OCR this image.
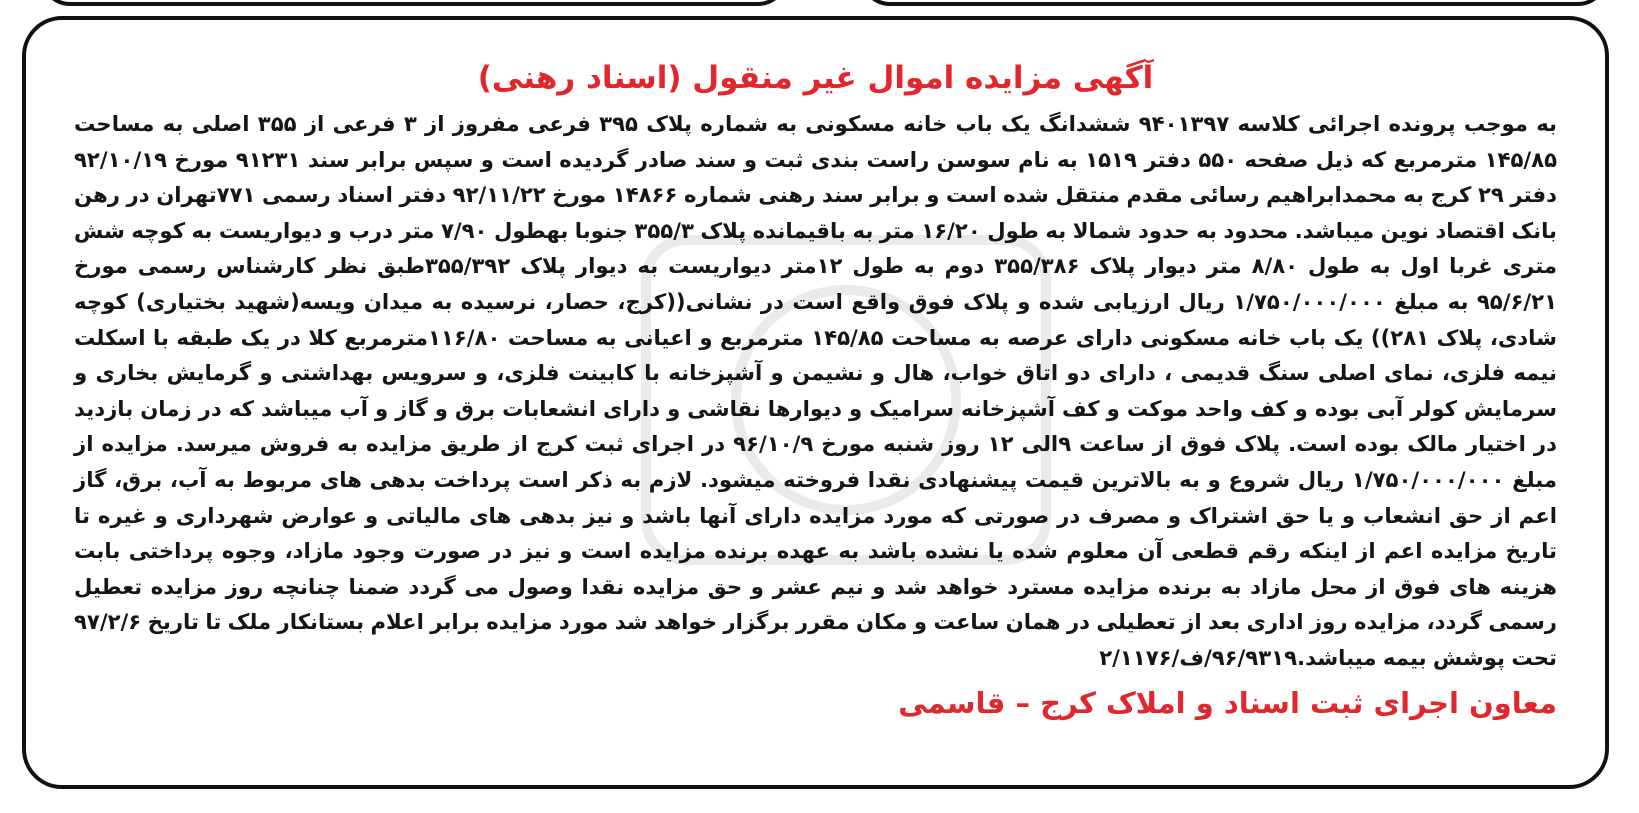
آگهی مزایده اموال غیر منقول (اسناد رهنی)

به موجب پرونده اجرائی کلاسه ۹۴۰۱۳۹۷ ششدانگ یک باب خانه مسکونی به شماره پلاک ۳۹۵ فرعی مفروز از ۳ فرعی از ۳۵۵ اصلی به مساحت ۱۴۵/۸۵ مترمربع که ذیل صفحه ۵۵۰ دفتر ۱۵۱۹ به نام سوسن راست بندی ثبت و سند صادر گردیده است و سپس برابر سند ۹۱۲۳۱ مورخ ۹۲/۱۰/۱۹ دفتر ۲۹ کرج به محمدابراهیم رسائی مقدم منتقل شده است و برابر سند رهنی شماره ۱۴۸۶۶ مورخ ۹۲/۱۱/۲۲ دفتر اسناد رسمی ۷۷۱تهران در رهن بانک اقتصاد نوین میباشد. محدود به حدود شمالا به طول ۱۶/۲۰ متر به باقیمانده پلاک ۳۵۵/۳ جنوبا بهطول ۷/۹۰ متر درب و دیواریست به کوچه شش متری غربا اول به طول ۸/۸۰ متر دیوار پلاک ۳۵۵/۳۸۶ دوم به طول ۱۲متر دیواریست به دیوار پلاک ۳۵۵/۳۹۲طبق نظر کارشناس رسمی مورخ ۹۵/۶/۲۱ به مبلغ ۱/۷۵۰/۰۰۰/۰۰۰ ریال ارزیابی شده و پلاک فوق واقع است در نشانی((کرج، حصار، نرسیده به میدان ویسه(شهید بختیاری) کوچه شادی، پلاک ۲۸۱)) یک باب خانه مسکونی دارای عرصه به مساحت ۱۴۵/۸۵ مترمربع و اعیانی به مساحت ۱۱۶/۸۰مترمربع کلا در یک طبقه با اسکلت نیمه فلزی، نمای اصلی سنگ قدیمی ، دارای دو اتاق خواب، هال و نشیمن و آشپزخانه با کابینت فلزی، و سرویس بهداشتی و گرمایش بخاری و سرمایش کولر آبی بوده و کف واحد موکت و کف آشپزخانه سرامیک و دیوارها نقاشی و دارای انشعابات برق و گاز و آب میباشد که در زمان بازدید در اختیار مالک بوده است. پلاک فوق از ساعت ۹الی ۱۲ روز شنبه مورخ ۹۶/۱۰/۹ در اجرای ثبت کرج از طریق مزایده به فروش میرسد. مزایده از مبلغ ۱/۷۵۰/۰۰۰/۰۰۰ ریال شروع و به بالاترین قیمت پیشنهادی نقدا فروخته میشود. لازم به ذکر است پرداخت بدهی های مربوط به آب، برق، گاز اعم از حق انشعاب و یا حق اشتراک و مصرف در صورتی که مورد مزایده دارای آنها باشد و نیز بدهی های مالیاتی و عوارض شهرداری و غیره تا تاریخ مزایده اعم از اینکه رقم قطعی آن معلوم شده یا نشده باشد به عهده برنده مزایده است و نیز در صورت وجود مازاد، وجوه پرداختی بابت هزینه های فوق از محل مازاد به برنده مزایده مسترد خواهد شد و نیم عشر و حق مزایده نقدا وصول می گردد ضمنا چنانچه روز مزایده تعطیل رسمی گردد، مزایده روز اداری بعد از تعطیلی در همان ساعت و مکان مقرر برگزار خواهد شد مورد مزایده برابر اعلام بستانکار ملک تا تاریخ ۹۷/۲/۶ تحت پوشش بیمه میباشد.۹۶/۹۳۱۹/ف/۲/۱۱۷۶

معاون اجرای ثبت اسناد و املاک کرج – قاسمی
